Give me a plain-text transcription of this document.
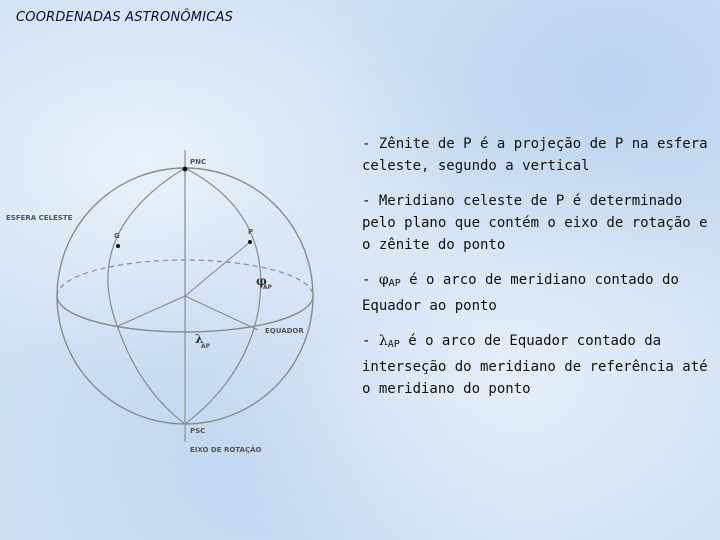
COORDENADAS ASTRONÔMICAS
PNC
ESFERA CELESTE
G	P
φ
AP
EQUADOR
λ
AP
PSC
EIXO DE ROTAÇÃO
- Zênite de P é a projeção de P na esfera celeste, segundo a vertical
- Meridiano celeste de P é determinado pelo plano que contém o eixo de rotação e o zênite do ponto
- φAP é o arco de meridiano contado do Equador ao ponto
- λAP é o arco de Equador contado da interseção do meridiano de referência até o meridiano do ponto
